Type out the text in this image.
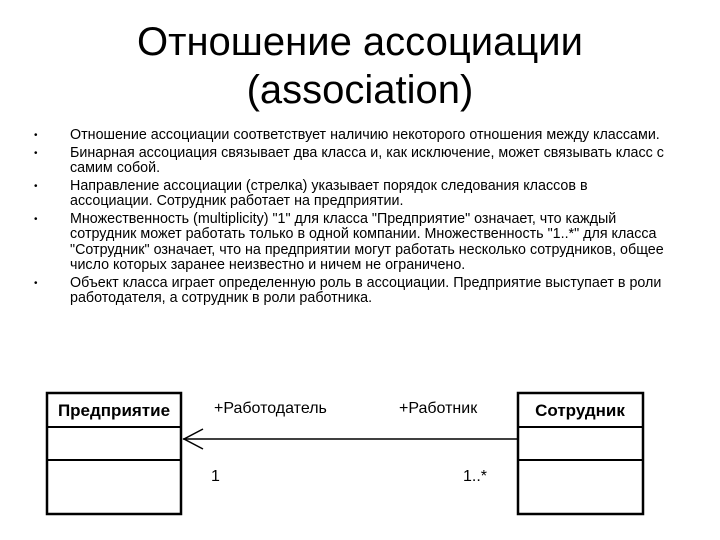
Отношение ассоциации
(association)
• Отношение ассоциации соответствует наличию некоторого отношения между классами.
• Бинарная ассоциация связывает два класса и, как исключение, может связывать класс с самим собой.
• Направление ассоциации (стрелка) указывает порядок следования классов в ассоциации. Сотрудник работает на предприятии.
• Множественность (multiplicity) "1" для класса "Предприятие" означает, что каждый сотрудник может работать только в одной компании. Множественность "1..*" для класса "Сотрудник" означает, что на предприятии могут работать несколько сотрудников, общее число которых заранее неизвестно и ничем не ограничено.
• Объект класса играет определенную роль в ассоциации. Предприятие выступает в роли работодателя, а сотрудник в роли работника.
Предприятие	Сотрудник
+Работодатель	+Работник
1	1..*
